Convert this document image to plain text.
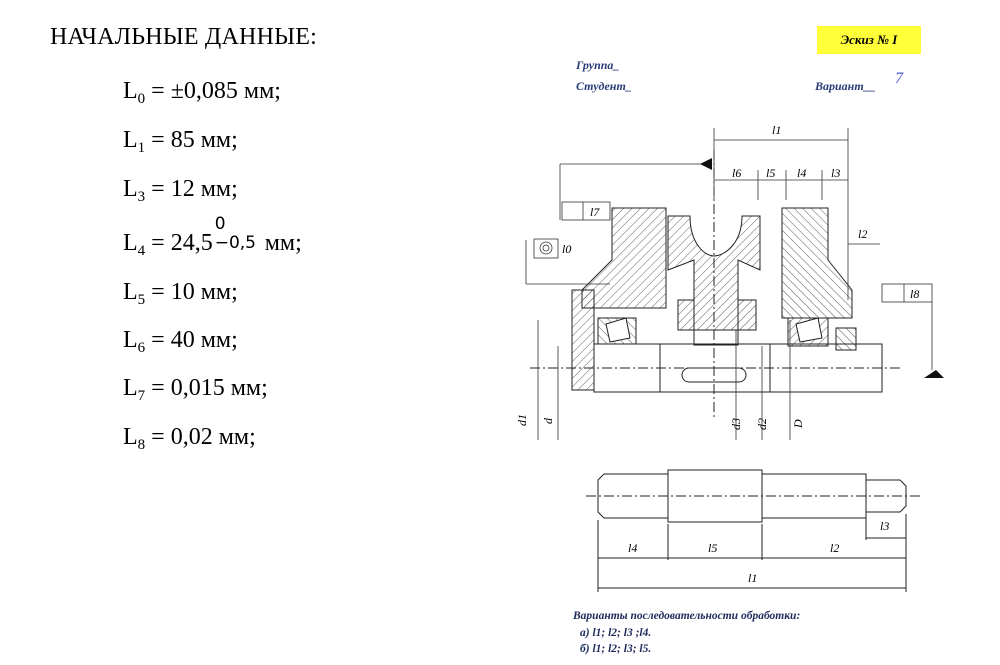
НАЧАЛЬНЫЕ ДАННЫЕ:
$L_0 = \pm 0,085$ мм;
$L_1 = 85$ мм;
$L_3 = 12$ мм;
$L_4 = 24,5$
0
−0,5 мм;
$L_5 = 10$ мм;
$L_6 = 40$ мм;
$L_7 = 0,015$ мм;
$L_8 = 0,02$ мм;
Эскиз № I
Группа_
Студент_	Вариант__ 7
l1
l6 l5 l4 l3
l7
l0
l2
l8
d1 d	d3 d2 D
l4	l5	l2
l3
l1
Варианты последовательности обработки:
а) l1; l2; l3 ;l4.
б) l1; l2; l3; l5.
